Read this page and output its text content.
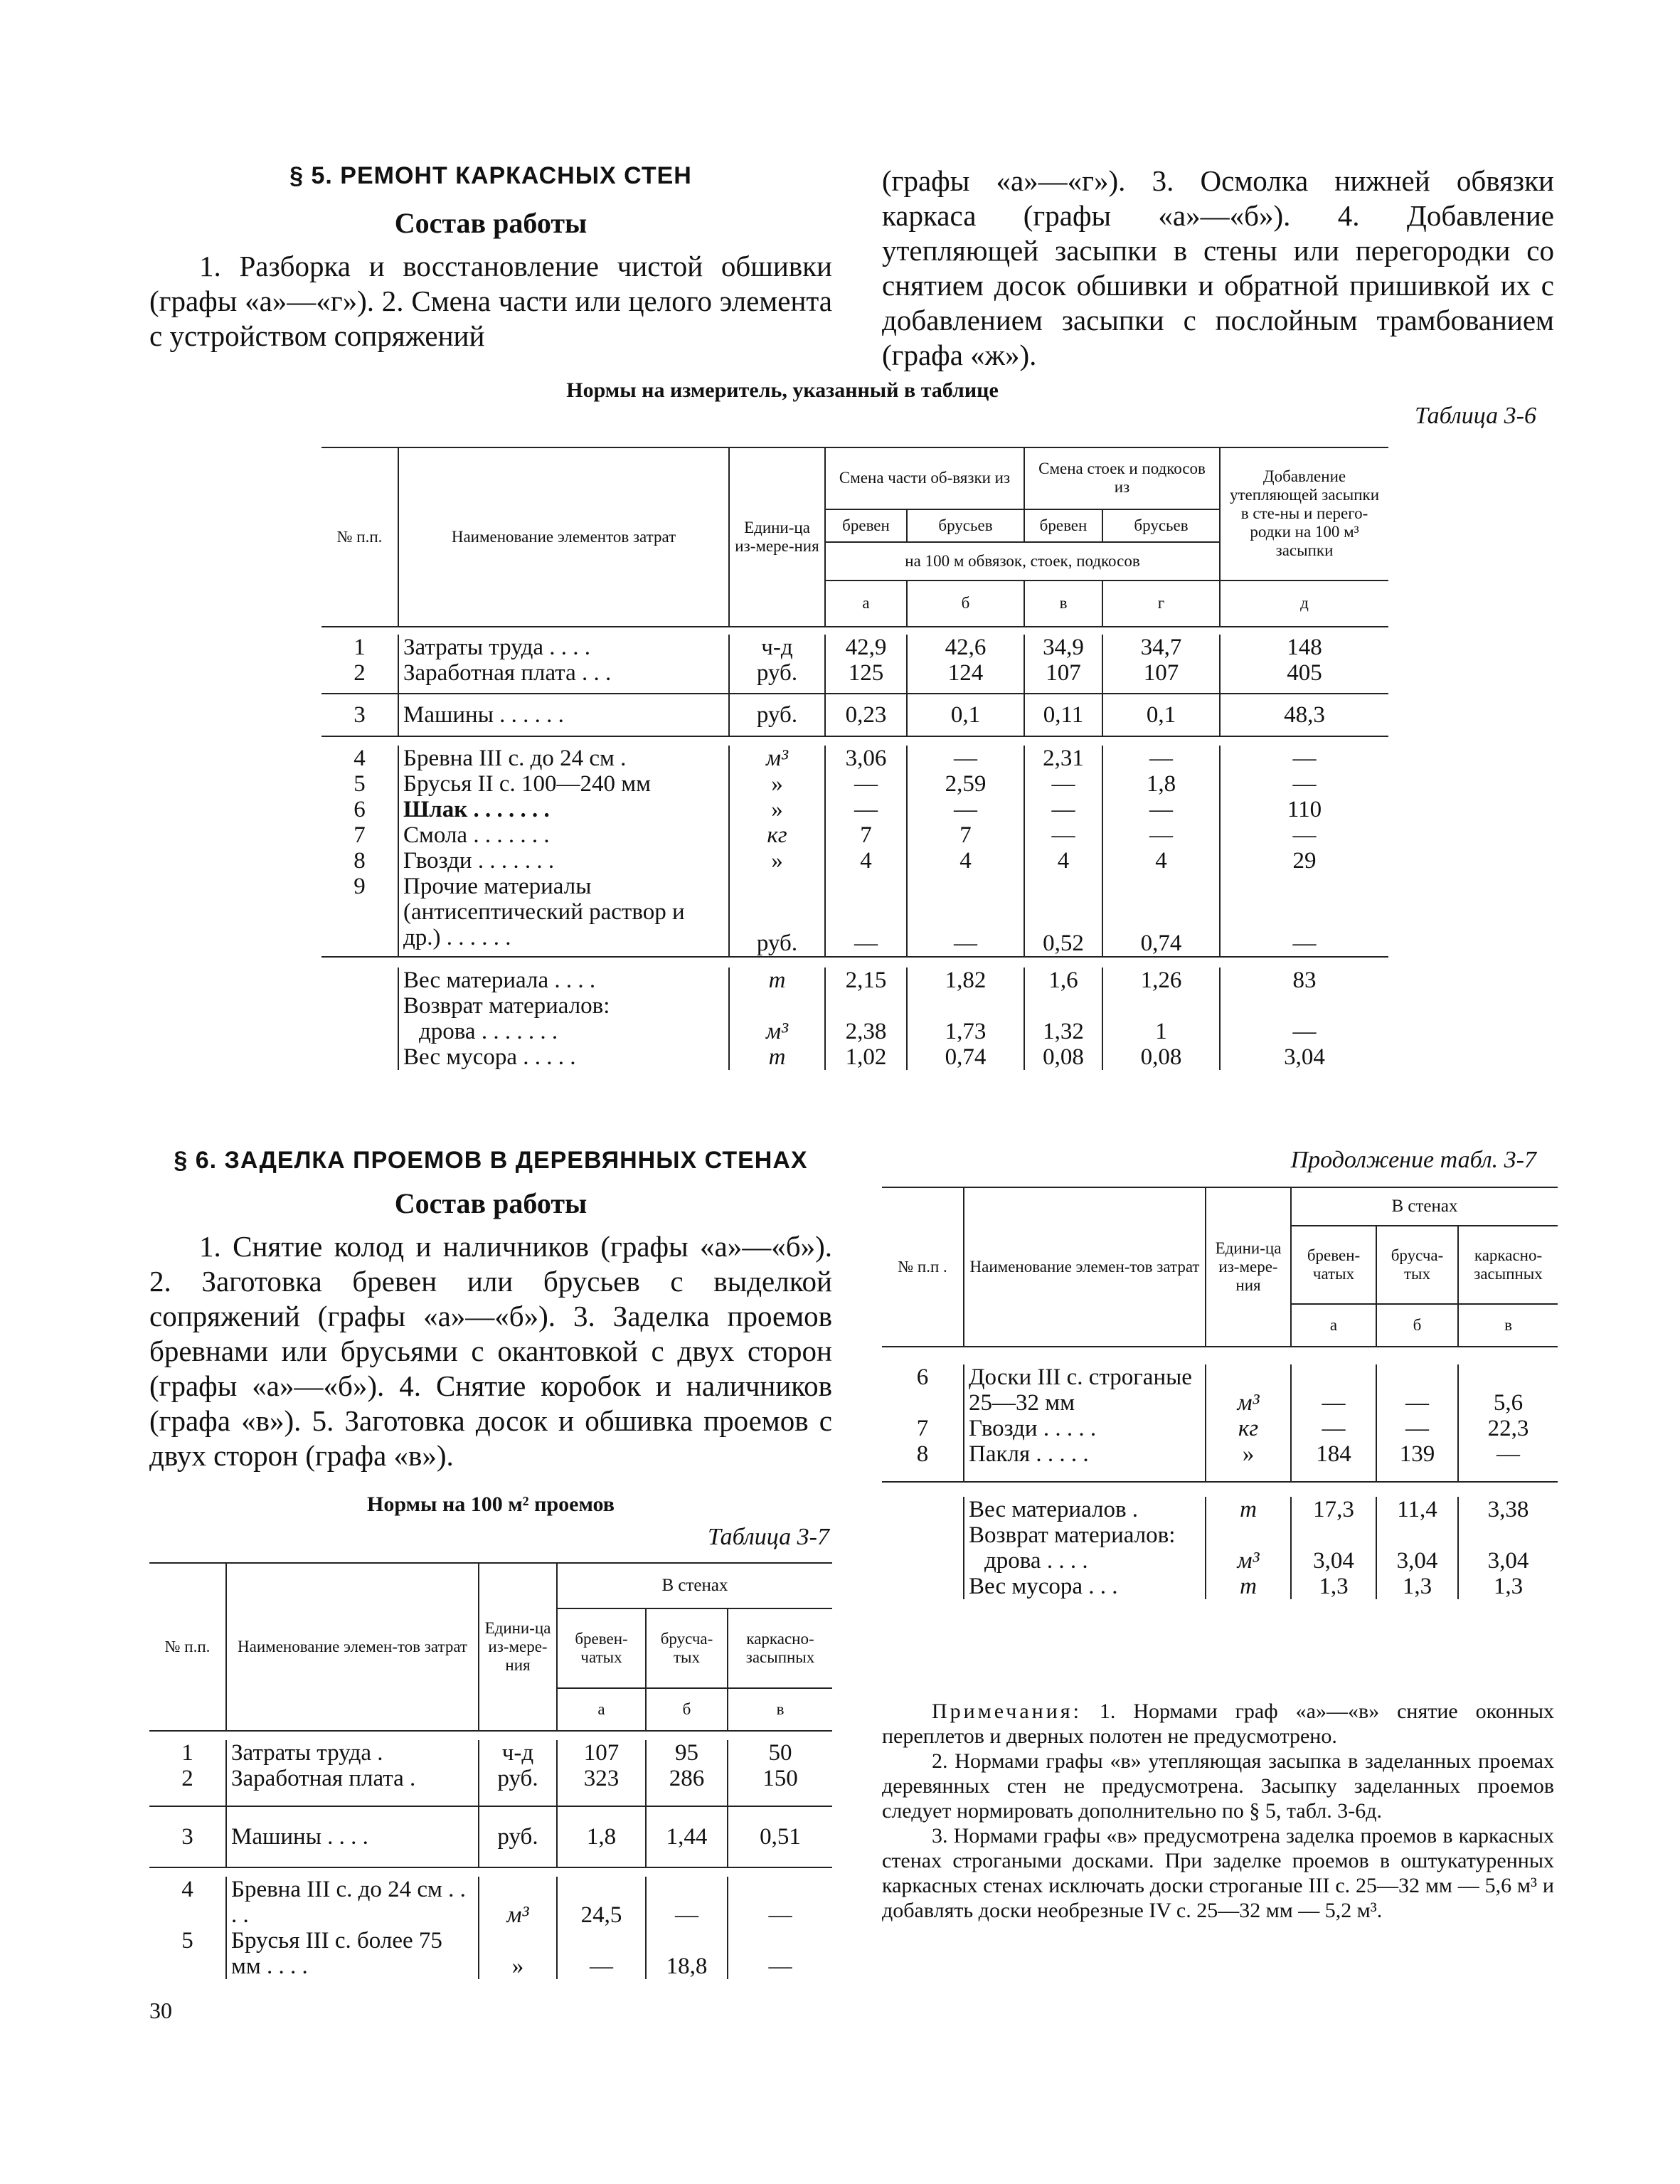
§ 5. РЕМОНТ КАРКАСНЫХ СТЕН
Состав работы

1. Разборка и восстановление чистой обшивки (графы «а»—«г»). 2. Смена части или целого элемента с устройством сопряжений

(графы «а»—«г»). 3. Осмолка нижней обвязки каркаса (графы «а»—«б»). 4. Добавление утепляющей засыпки в стены или перегородки со снятием досок обшивки и обратной пришивкой их с добавлением засыпки с послойным трамбованием (графа «ж»).

Нормы на измеритель, указанный в таблице
Таблица 3-6
№ п.п.	Наименование элементов затрат	Едини-ца из-мере-ния	Смена части об-вязки из		Смена стоек и подкосов из		Добавление утепляющей засыпки в сте-ны и перего-родки на 100 м³ засыпки
			бревен	брусьев	бревен	брусьев	
			на 100 м обвязок, стоек, подкосов				
			а	б	в	г	д

1	Затраты труда . . . .	ч-д	42,9	42,6	34,9	34,7	148
2	Заработная плата . . .	руб.	125	124	107	107	405
3	Машины . . . . . .	руб.	0,23	0,1	0,11	0,1	48,3

4	Бревна III с. до 24 см .	м³	3,06	—	2,31	—	—
5	Брусья II с. 100—240 мм	»	—	2,59	—	1,8	—
6	Шлак . . . . . . .	»	—	—	—	—	110
7	Смола . . . . . . .	кг	7	7	—	—	—
8	Гвозди . . . . . . .	»	4	4	4	4	29
9	Прочие материалы (антисептический раствор и др.) . . . . . .	руб.	—	—	0,52	0,74	—

	Вес материала . . . .	т	2,15	1,82	1,6	1,26	83
	Возврат материалов:						
	дрова . . . . . . .	м³	2,38	1,73	1,32	1	—
	Вес мусора . . . . .	т	1,02	0,74	0,08	0,08	3,04
§ 6. ЗАДЕЛКА ПРОЕМОВ В ДЕРЕВЯННЫХ СТЕНАХ
Состав работы

1. Снятие колод и наличников (графы «а»—«б»). 2. Заготовка бревен или брусьев с выделкой сопряжений (графы «а»—«б»). 3. Заделка проемов бревнами или брусьями с окантовкой с двух сторон (графы «а»—«б»). 4. Снятие коробок и наличников (графа «в»). 5. Заготовка досок и обшивка проемов с двух сторон (графа «в»).

Нормы на 100 м² проемов
Таблица 3-7
№ п.п.	Наименование элемен-тов затрат	Едини-ца из-мере-ния	В стенах		
			бревен-чатых	брусча-тых	каркасно-засыпных
			а	б	в

1	Затраты труда .	ч-д	107	95	50
2	Заработная плата .	руб.	323	286	150
3	Машины . . . .	руб.	1,8	1,44	0,51

4	Бревна III с. до 24 см . . . .	м³	24,5	—	—
5	Брусья III с. более 75 мм . . . .	»	—	18,8	—
Продолжение табл. 3-7
№ п.п .	Наименование элемен-тов затрат	Едини-ца из-мере-ния	В стенах		
			бревен-чатых	брусча-тых	каркасно-засыпных
			а	б	в

6	Доски III с. строганые 25—32 мм	м³	—	—	5,6
7	Гвозди . . . . .	кг	—	—	22,3
8	Пакля . . . . .	»	184	139	—

	Вес материалов .	т	17,3	11,4	3,38
	Возврат материалов:				
	дрова . . . .	м³	3,04	3,04	3,04
	Вес мусора . . .	т	1,3	1,3	1,3

Примечания: 1. Нормами граф «а»—«в» снятие оконных переплетов и дверных полотен не предусмотрено.

2. Нормами графы «в» утепляющая засыпка в заделанных проемах деревянных стен не предусмотрена. Засыпку заделанных проемов следует нормировать дополнительно по § 5, табл. 3-6д.

3. Нормами графы «в» предусмотрена заделка проемов в каркасных стенах строгаными досками. При заделке проемов в оштукатуренных каркасных стенах исключать доски строганые III с. 25—32 мм — 5,6 м³ и добавлять доски необрезные IV с. 25—32 мм — 5,2 м³.

30
